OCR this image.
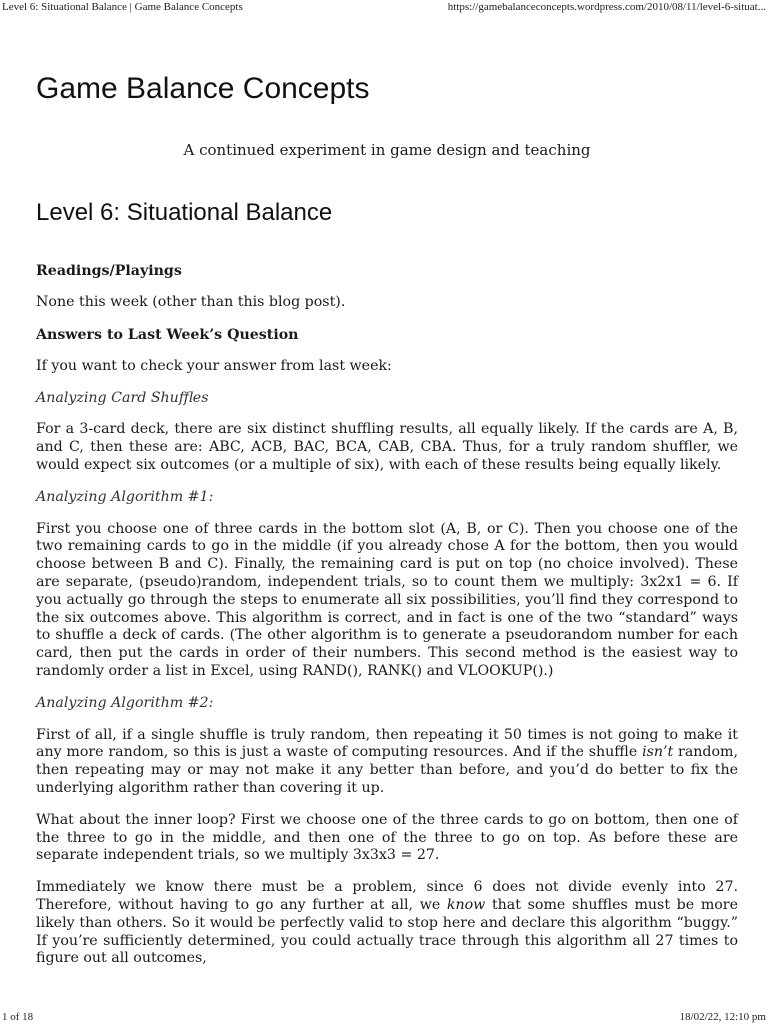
Level 6: Situational Balance | Game Balance Concepts	https://gamebalanceconcepts.wordpress.com/2010/08/11/level-6-situat...
Game Balance Concepts

A continued experiment in game design and teaching

Level 6: Situational Balance
Readings/Playings

None this week (other than this blog post).

Answers to Last Week’s Question

If you want to check your answer from last week:

Analyzing Card Shuffles

For a 3-card deck, there are six distinct shuffling results, all equally likely. If the cards are A, B, and C, then these are: ABC, ACB, BAC, BCA, CAB, CBA. Thus, for a truly random shuffler, we would expect six outcomes (or a multiple of six), with each of these results being equally likely.

Analyzing Algorithm #1:

First you choose one of three cards in the bottom slot (A, B, or C). Then you choose one of the two remaining cards to go in the middle (if you already chose A for the bottom, then you would choose between B and C). Finally, the remaining card is put on top (no choice involved). These are separate, (pseudo)random, independent trials, so to count them we multiply: 3x2x1 = 6. If you actually go through the steps to enumerate all six possibilities, you’ll find they correspond to the six outcomes above. This algorithm is correct, and in fact is one of the two “standard” ways to shuffle a deck of cards. (The other algorithm is to generate a pseudorandom number for each card, then put the cards in order of their numbers. This second method is the easiest way to randomly order a list in Excel, using RAND(), RANK() and VLOOKUP().)

Analyzing Algorithm #2:

First of all, if a single shuffle is truly random, then repeating it 50 times is not going to make it any more random, so this is just a waste of computing resources. And if the shuffle isn’t random, then repeating may or may not make it any better than before, and you’d do better to fix the underlying algorithm rather than covering it up.

What about the inner loop? First we choose one of the three cards to go on bottom, then one of the three to go in the middle, and then one of the three to go on top. As before these are separate independent trials, so we multiply 3x3x3 = 27.

Immediately we know there must be a problem, since 6 does not divide evenly into 27. Therefore, without having to go any further at all, we know that some shuffles must be more likely than others. So it would be perfectly valid to stop here and declare this algorithm “buggy.” If you’re sufficiently determined, you could actually trace through this algorithm all 27 times to figure out all outcomes,

1 of 18	18/02/22, 12:10 pm
